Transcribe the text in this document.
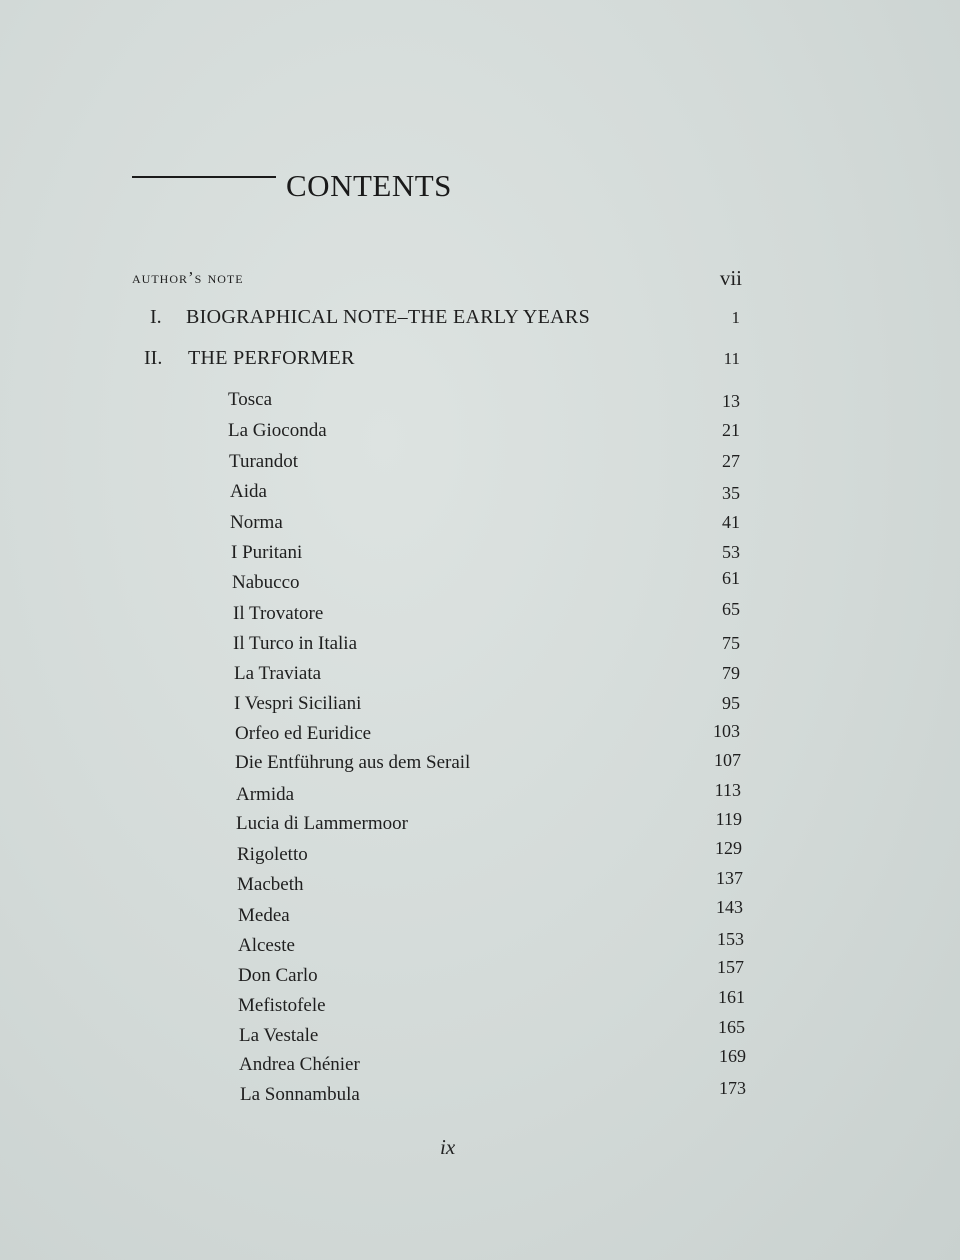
CONTENTS
author’s note	vii
I. BIOGRAPHICAL NOTE–THE EARLY YEARS	1
II. THE PERFORMER	11
Tosca	13
La Gioconda	21
Turandot	27
Aida	35
Norma	41
I Puritani	53
Nabucco	61
Il Trovatore	65
Il Turco in Italia	75
La Traviata	79
I Vespri Siciliani	95
Orfeo ed Euridice	103
Die Entführung aus dem Serail	107
Armida	113
Lucia di Lammermoor	119
Rigoletto	129
Macbeth	137
Medea	143
Alceste	153
Don Carlo	157
Mefistofele	161
La Vestale	165
Andrea Chénier	169
La Sonnambula	173
ix
